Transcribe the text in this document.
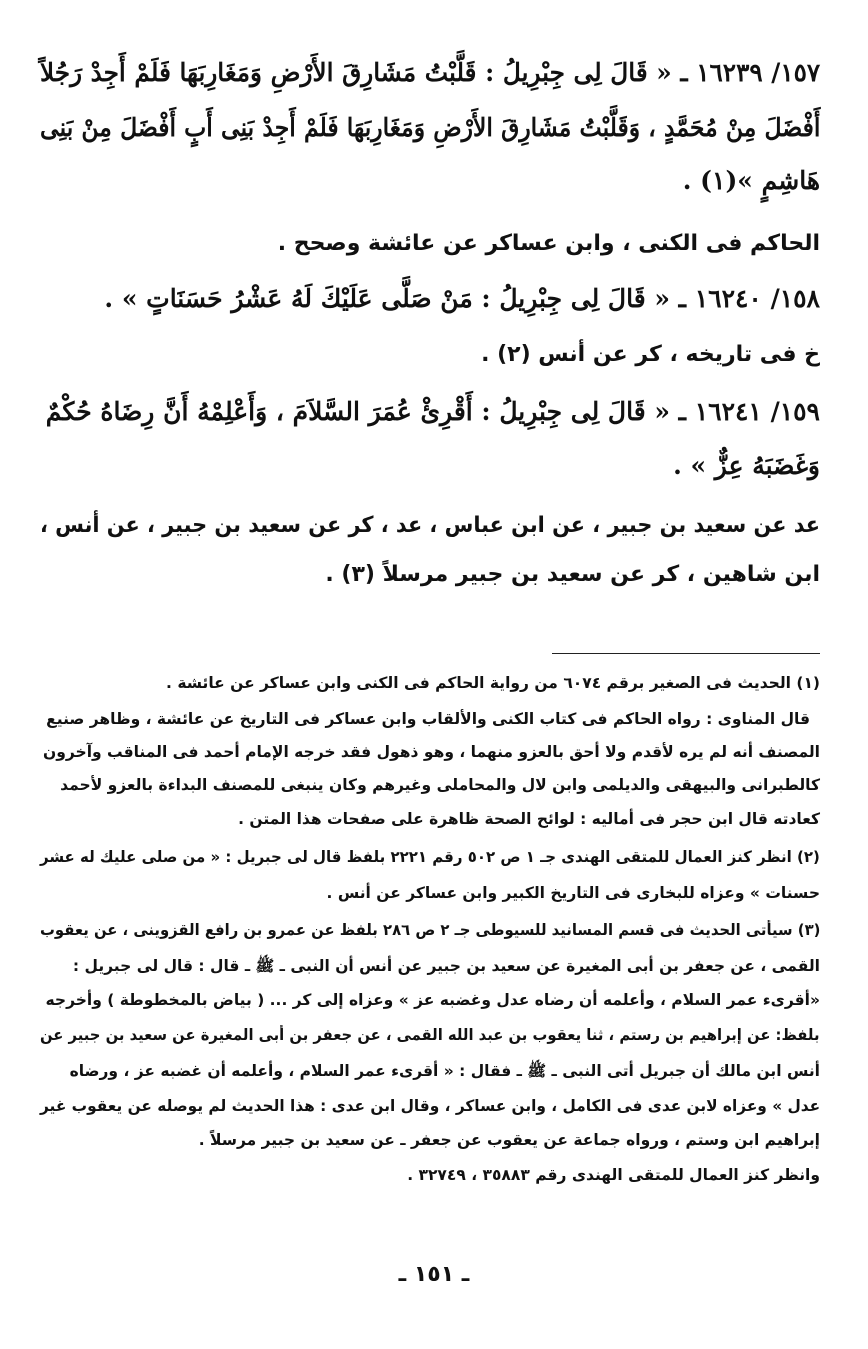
١٥٧/ ١٦٢٣٩ ـ « قَالَ لِى جِبْرِيلُ : قَلَّبْتُ مَشَارِقَ الأَرْضِ وَمَغَارِبَهَا فَلَمْ أَجِدْ رَجُلاً
أَفْضَلَ مِنْ مُحَمَّدٍ ، وَقَلَّبْتُ مَشَارِقَ الأَرْضِ وَمَغَارِبَهَا فَلَمْ أَجِدْ بَنِى أَبٍ أَفْضَلَ مِنْ بَنِى
هَاشِمٍ »(١) .
الحاكم فى الكنى ، وابن عساكر عن عائشة وصحح .
١٥٨/ ١٦٢٤٠ ـ « قَالَ لِى جِبْرِيلُ : مَنْ صَلَّى عَلَيْكَ لَهُ عَشْرُ حَسَنَاتٍ » .
خ فى تاريخه ، كر عن أنس (٢) .
١٥٩/ ١٦٢٤١ ـ « قَالَ لِى جِبْرِيلُ : أَقْرِئْ عُمَرَ السَّلاَمَ ، وَأَعْلِمْهُ أَنَّ رِضَاهُ حُكْمٌ
وَغَضَبَهُ عِزٌّ » .
عد عن سعيد بن جبير ، عن ابن عباس ، عد ، كر عن سعيد بن جبير ، عن أنس ،
ابن شاهين ، كر عن سعيد بن جبير مرسلاً (٣) .
(١) الحديث فى الصغير برقم ٦٠٧٤ من رواية الحاكم فى الكنى وابن عساكر عن عائشة .
قال المناوى : رواه الحاكم فى كتاب الكنى والألقاب وابن عساكر فى التاريخ عن عائشة ، وظاهر صنيع
المصنف أنه لم يره لأقدم ولا أحق بالعزو منهما ، وهو ذهول فقد خرجه الإمام أحمد فى المناقب وآخرون
كالطبرانى والبيهقى والديلمى وابن لال والمحاملى وغيرهم وكان ينبغى للمصنف البداءة بالعزو لأحمد
كعادته قال ابن حجر فى أماليه : لوائح الصحة ظاهرة على صفحات هذا المتن .
(٢) انظر كنز العمال للمتقى الهندى جـ ١ ص ٥٠٢ رقم ٢٢٢١ بلفظ قال لى جبريل : « من صلى عليك له عشر
حسنات » وعزاه للبخارى فى التاريخ الكبير وابن عساكر عن أنس .
(٣) سيأتى الحديث فى قسم المسانيد للسيوطى جـ ٢ ص ٢٨٦ بلفظ عن عمرو بن رافع القزوينى ، عن يعقوب
القمى ، عن جعفر بن أبى المغيرة عن سعيد بن جبير عن أنس أن النبى ـ ﷺ ـ قال : قال لى جبريل :
«أقرىء عمر السلام ، وأعلمه أن رضاه عدل وغضبه عز » وعزاه إلى كر ... ( بياض بالمخطوطة ) وأخرجه
بلفظ: عن إبراهيم بن رستم ، ثنا يعقوب بن عبد الله القمى ، عن جعفر بن أبى المغيرة عن سعيد بن جبير عن
أنس ابن مالك أن جبريل أتى النبى ـ ﷺ ـ فقال : « أقرىء عمر السلام ، وأعلمه أن غضبه عز ، ورضاه
عدل » وعزاه لابن عدى فى الكامل ، وابن عساكر ، وقال ابن عدى : هذا الحديث لم يوصله عن يعقوب غير
إبراهيم ابن وستم ، ورواه جماعة عن يعقوب عن جعفر ـ عن سعيد بن جبير مرسلاً .
وانظر كنز العمال للمتقى الهندى رقم ٣٥٨٨٣ ، ٣٢٧٤٩ .
ـ ١٥١ ـ
